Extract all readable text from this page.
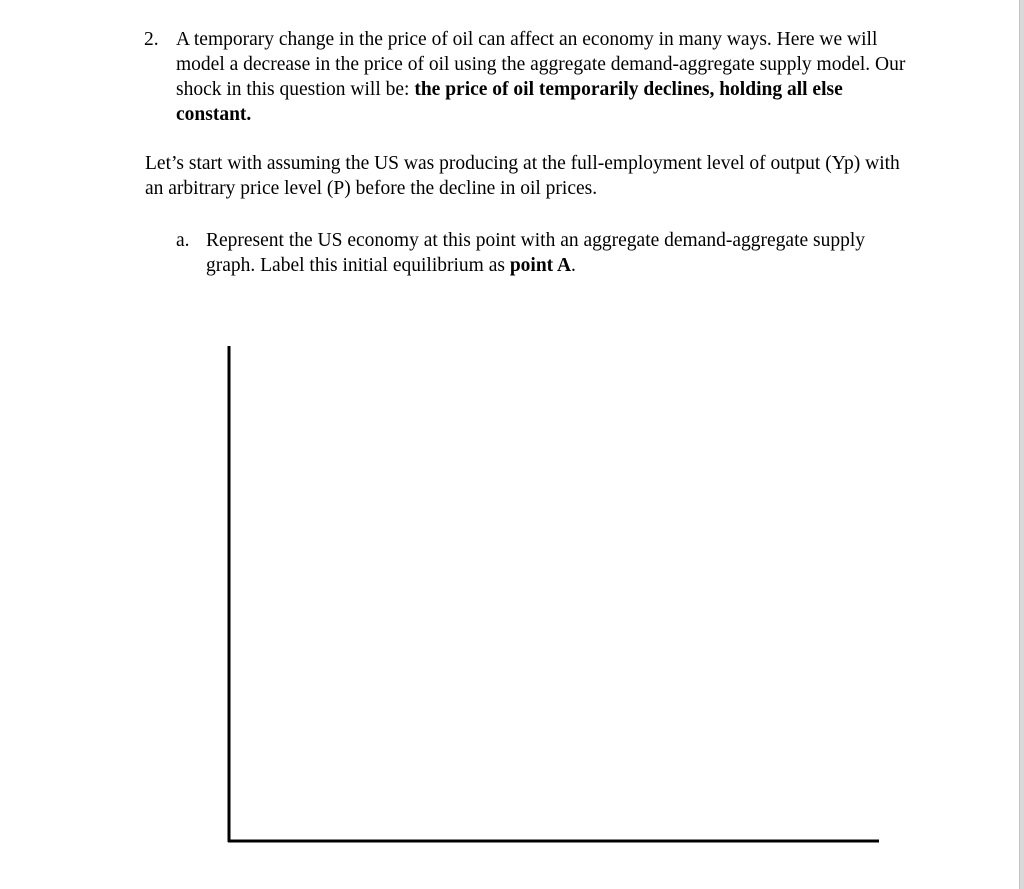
2. A temporary change in the price of oil can affect an economy in many ways. Here we will model a decrease in the price of oil using the aggregate demand-aggregate supply model. Our shock in this question will be: the price of oil temporarily declines, holding all else constant.
Let’s start with assuming the US was producing at the full-employment level of output (Yp) with an arbitrary price level (P) before the decline in oil prices.
a. Represent the US economy at this point with an aggregate demand-aggregate supply graph. Label this initial equilibrium as point A.
